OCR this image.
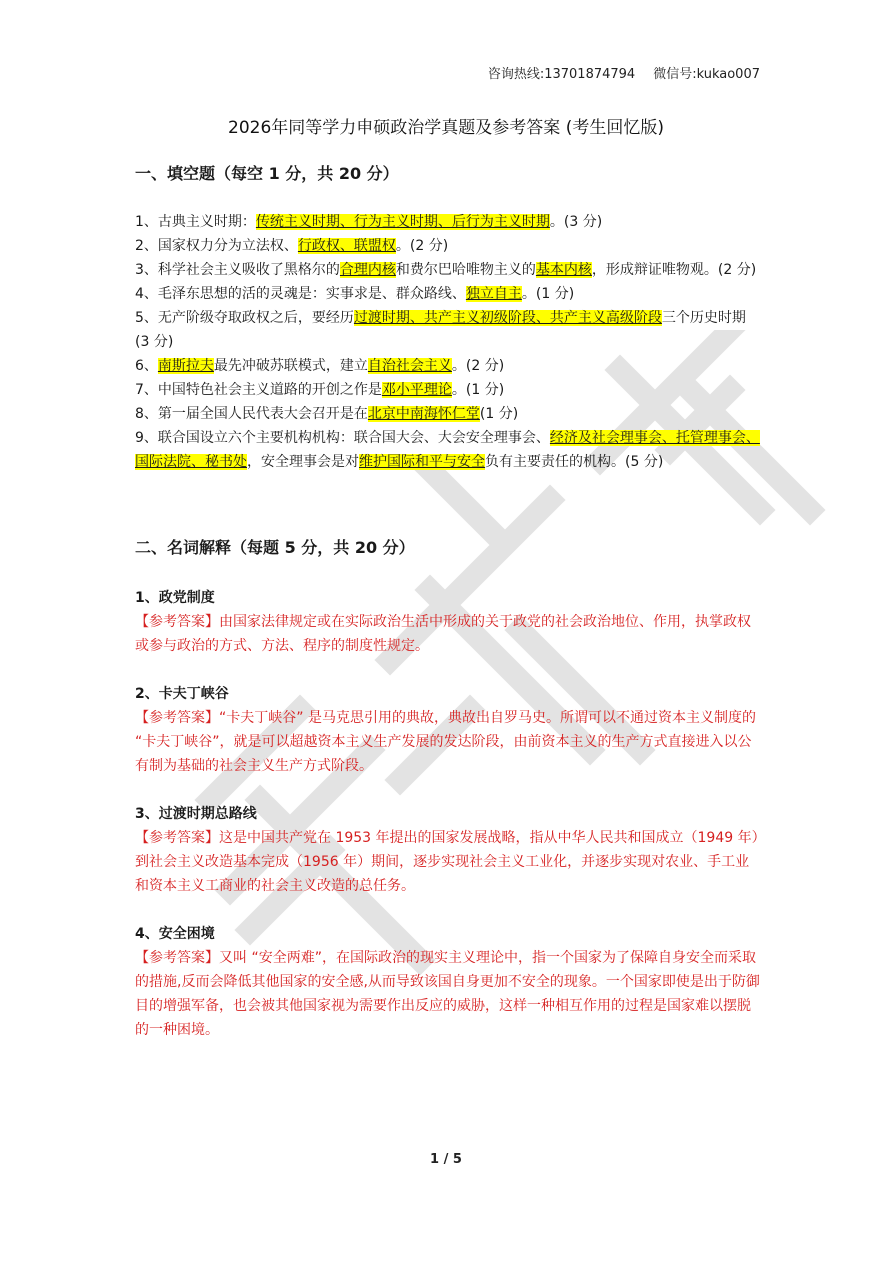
咨询热线:13701874794 微信号:kukao007
2026年同等学力申硕政治学真题及参考答案 (考生回忆版)

一、填空题（每空 1 分，共 20 分）

1、古典主义时期：传统主义时期、行为主义时期、后行为主义时期。(3 分)

2、国家权力分为立法权、行政权、联盟权。(2 分)

3、科学社会主义吸收了黑格尔的合理内核和费尔巴哈唯物主义的基本内核，形成辩证唯物观。(2 分)

4、毛泽东思想的活的灵魂是：实事求是、群众路线、独立自主。(1 分)

5、无产阶级夺取政权之后，要经历过渡时期、共产主义初级阶段、共产主义高级阶段三个历史时期 (3 分)

6、南斯拉夫最先冲破苏联模式，建立自治社会主义。(2 分)

7、中国特色社会主义道路的开创之作是邓小平理论。(1 分)

8、第一届全国人民代表大会召开是在北京中南海怀仁堂(1 分)

9、联合国设立六个主要机构机构：联合国大会、大会安全理事会、经济及社会理事会、托管理事会、国际法院、秘书处，安全理事会是对维护国际和平与安全负有主要责任的机构。(5 分)

二、名词解释（每题 5 分，共 20 分）

1、政党制度

【参考答案】由国家法律规定或在实际政治生活中形成的关于政党的社会政治地位、作用，执掌政权或参与政治的方式、方法、程序的制度性规定。

2、卡夫丁峡谷

【参考答案】“卡夫丁峡谷” 是马克思引用的典故，典故出自罗马史。所谓可以不通过资本主义制度的 “卡夫丁峡谷”，就是可以超越资本主义生产发展的发达阶段，由前资本主义的生产方式直接进入以公有制为基础的社会主义生产方式阶段。

3、过渡时期总路线

【参考答案】这是中国共产党在 1953 年提出的国家发展战略，指从中华人民共和国成立（1949 年）到社会主义改造基本完成（1956 年）期间，逐步实现社会主义工业化，并逐步实现对农业、手工业和资本主义工商业的社会主义改造的总任务。

4、安全困境

【参考答案】又叫 “安全两难”，在国际政治的现实主义理论中，指一个国家为了保障自身安全而采取的措施,反而会降低其他国家的安全感,从而导致该国自身更加不安全的现象。一个国家即使是出于防御目的增强军备，也会被其他国家视为需要作出反应的威胁，这样一种相互作用的过程是国家难以摆脱的一种困境。

1 / 5
